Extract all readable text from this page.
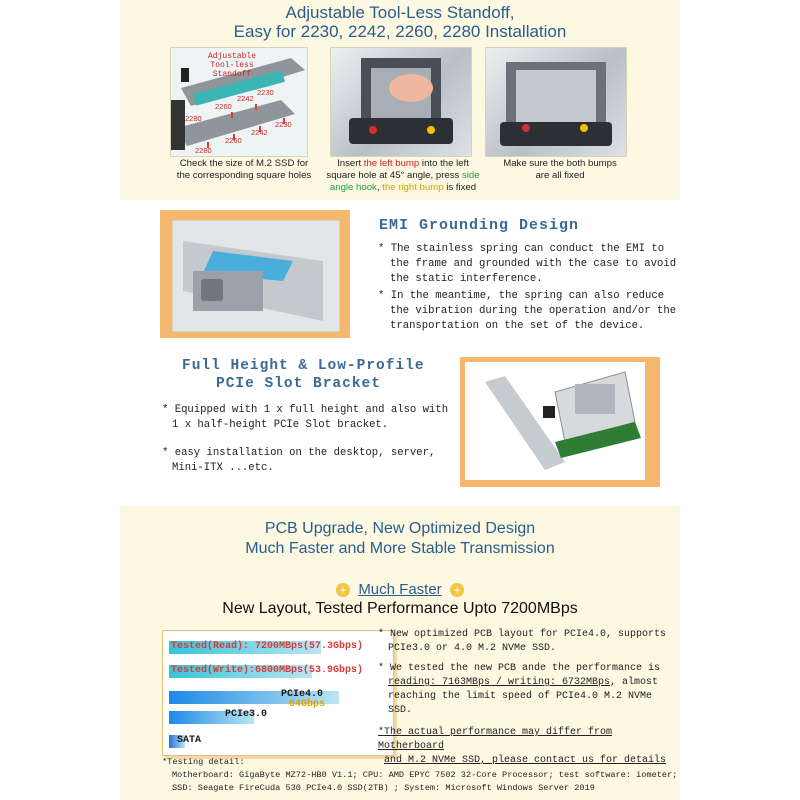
Adjustable Tool-Less Standoff,
Easy for 2230, 2242, 2260, 2280 Installation
Adjustable Tool-less Standoff
2280
2260
2242
2230
2280
2260
2242
2230
Check the size of M.2 SSD for
the corresponding square holes
Insert the left bump into the left
square hole at 45° angle, press side
angle hook, the right bump is fixed
Make sure the both bumps
are all fixed
EMI Grounding Design
* The stainless spring can conduct the EMI to
the frame and grounded with the case to avoid
the static interference.
* In the meantime, the spring can also reduce
the vibration during the operation and/or the
transportation on the set of the device.
Full Height & Low-Profile
PCIe Slot Bracket
* Equipped with 1 x full height and also with
1 x half-height PCIe Slot bracket.
* easy installation on the desktop, server,
Mini-ITX ...etc.
PCB Upgrade, New Optimized Design
Much Faster and More Stable Transmission
+ Much Faster +
New Layout, Tested Performance Upto 7200MBps
Tested(Read): 7200MBps(57.3Gbps)
Tested(Write):6800MBps(53.9Gbps)
PCIe4.0
PCIe3.0
SATA
64Gbps
* New optimized PCB layout for PCIe4.0, supports
PCIe3.0 or 4.0 M.2 NVMe SSD.
* We tested the new PCB ande the performance is
reading: 7163MBps / writing: 6732MBps, almost
reaching the limit speed of PCIe4.0 M.2 NVMe SSD.
*The actual performance may differ from Motherboard
and M.2 NVMe SSD, please contact us for details
*Testing detail:
Motherboard: GigaByte MZ72-HB0 V1.1; CPU: AMD EPYC 7502 32-Core Processor; test software: iometer;
SSD: Seagate FireCuda 530 PCIe4.0 SSD(2TB) ; System: Microsoft Windows Server 2019
